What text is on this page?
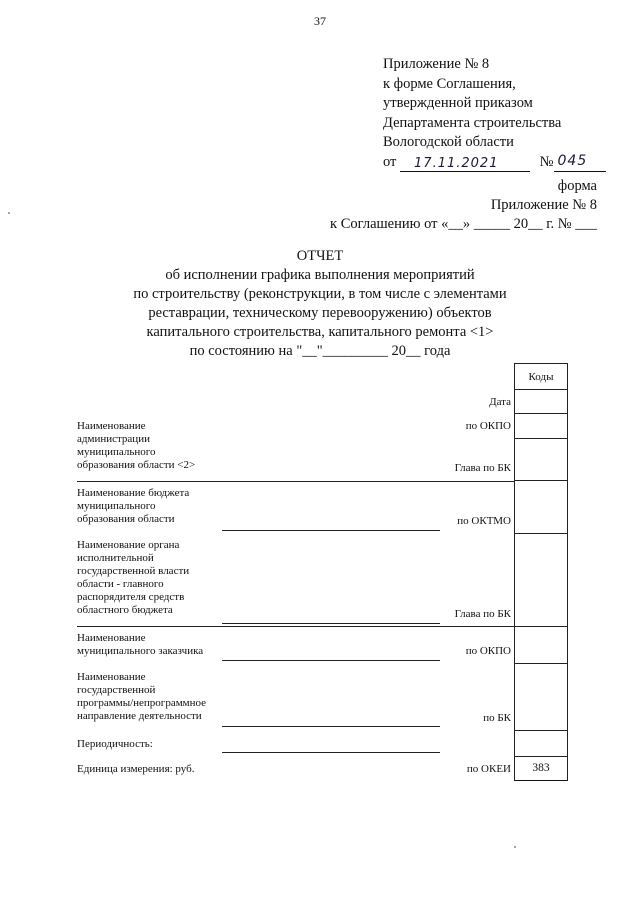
37
Приложение № 8
к форме Соглашения,
утвержденной приказом
Департамента строительства
Вологодской области
от 17.11.2021	№ 045
форма
Приложение № 8
к Соглашению от «__» _____ 20__ г. № ___
ОТЧЕТ
об исполнении графика выполнения мероприятий
по строительству (реконструкции, в том числе с элементами
реставрации, техническому перевооружению) объектов
капитального строительства, капитального ремонта <1>
по состоянию на "__"_________ 20__ года
Наименование
администрации
муниципального
образования области <2>
Наименование бюджета
муниципального
образования области
Наименование органа
исполнительной
государственной власти
области - главного
распорядителя средств
областного бюджета
Наименование
муниципального заказчика
Наименование
государственной
программы/непрограммное
направление деятельности
Периодичность:
Единица измерения: руб.
Дата
по ОКПО
Глава по БК
по ОКТМО
Глава по БК
по ОКПО
по БК
по ОКЕИ
Коды
383
